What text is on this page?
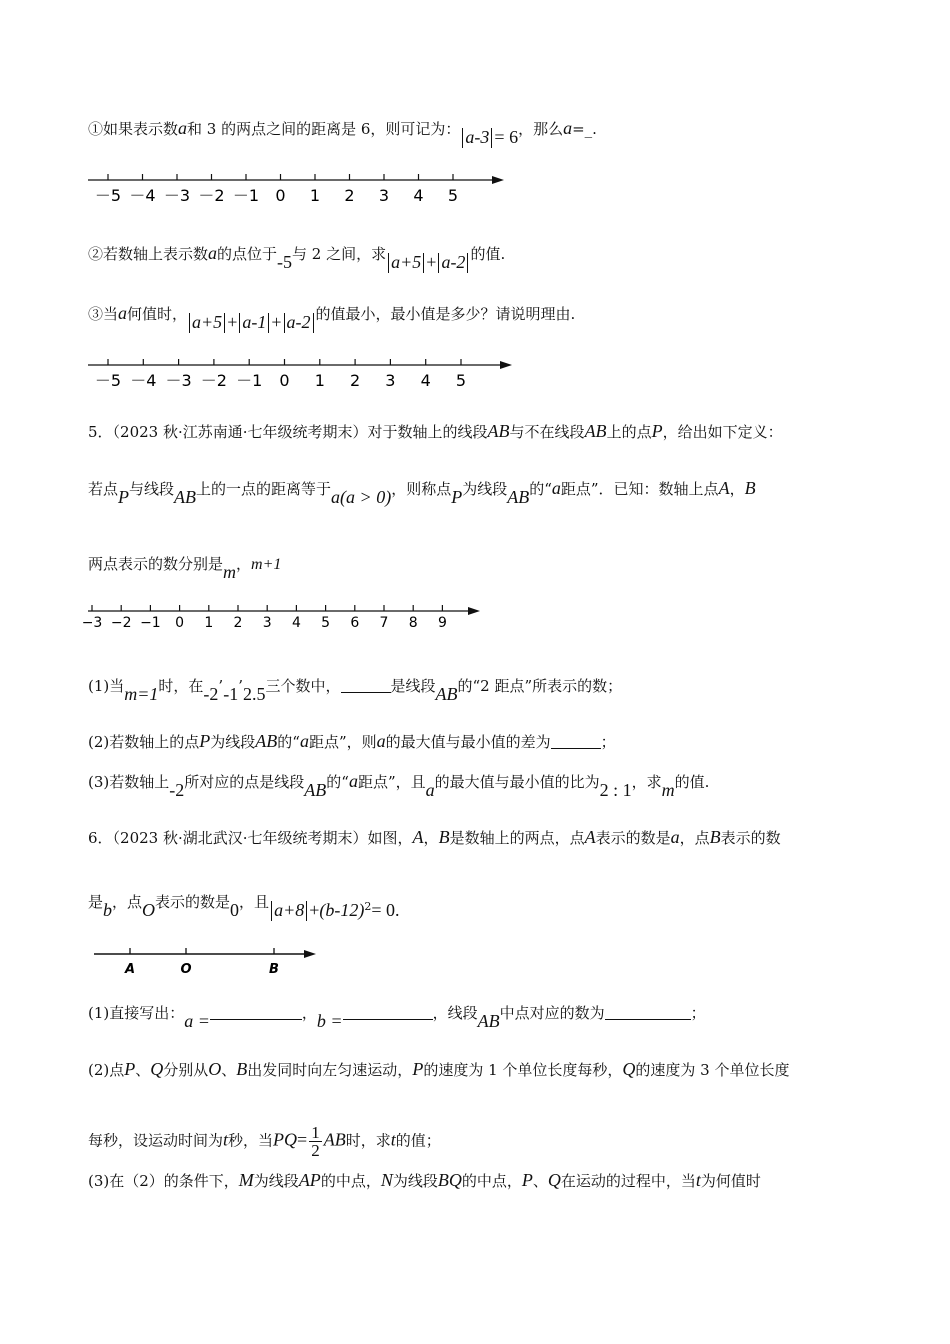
①如果表示数a和 3 的两点之间的距离是 6，则可记为： a-3 = 6，那么a=_.
－5 －4 －3 －2 －1 0 1 2 3 4 5
②若数轴上表示数a的点位于-5与 2 之间，求 a+5 + a-2 的值.
③当a何值时， a+5 + a-1 + a-2 的值最小，最小值是多少？请说明理由.
－5 －4 －3 －2 －1 0 1 2 3 4 5
5．（2023 秋·江苏南通·七年级统考期末）对于数轴上的线段AB与不在线段AB上的点P，给出如下定义：
若点P与线段AB上的一点的距离等于a(a > 0)，则称点P为线段AB的“a距点”．已知：数轴上点A，B
两点表示的数分别是m，m+1
−3 −2 −1 0 1 2 3 4 5 6 7 8 9
(1)当m=1时，在-2’-1’2.5三个数中，	是线段AB的“2 距点”所表示的数；
(2)若数轴上的点P为线段AB的“a距点”，则a的最大值与最小值的差为	；
(3)若数轴上-2所对应的点是线段AB的“a距点”，且a的最大值与最小值的比为2 : 1，求m的值.
6．（2023 秋·湖北武汉·七年级统考期末）如图，A，B是数轴上的两点，点A表示的数是a，点B表示的数
是b，点O表示的数是0，且 $a+8 +(b-12)^2= 0$.
A	O	B
(1)直接写出：a =	，b =	，线段AB中点对应的数为	；
(2)点P、Q分别从O、B出发同时向左匀速运动，P的速度为 1 个单位长度每秒，Q的速度为 3 个单位长度
每秒，设运动时间为t秒，当$PQ= \frac{1}{2}$ AB时，求t的值；
(3)在（2）的条件下，M为线段AP的中点，N为线段BQ的中点，P、Q在运动的过程中，当t为何值时
